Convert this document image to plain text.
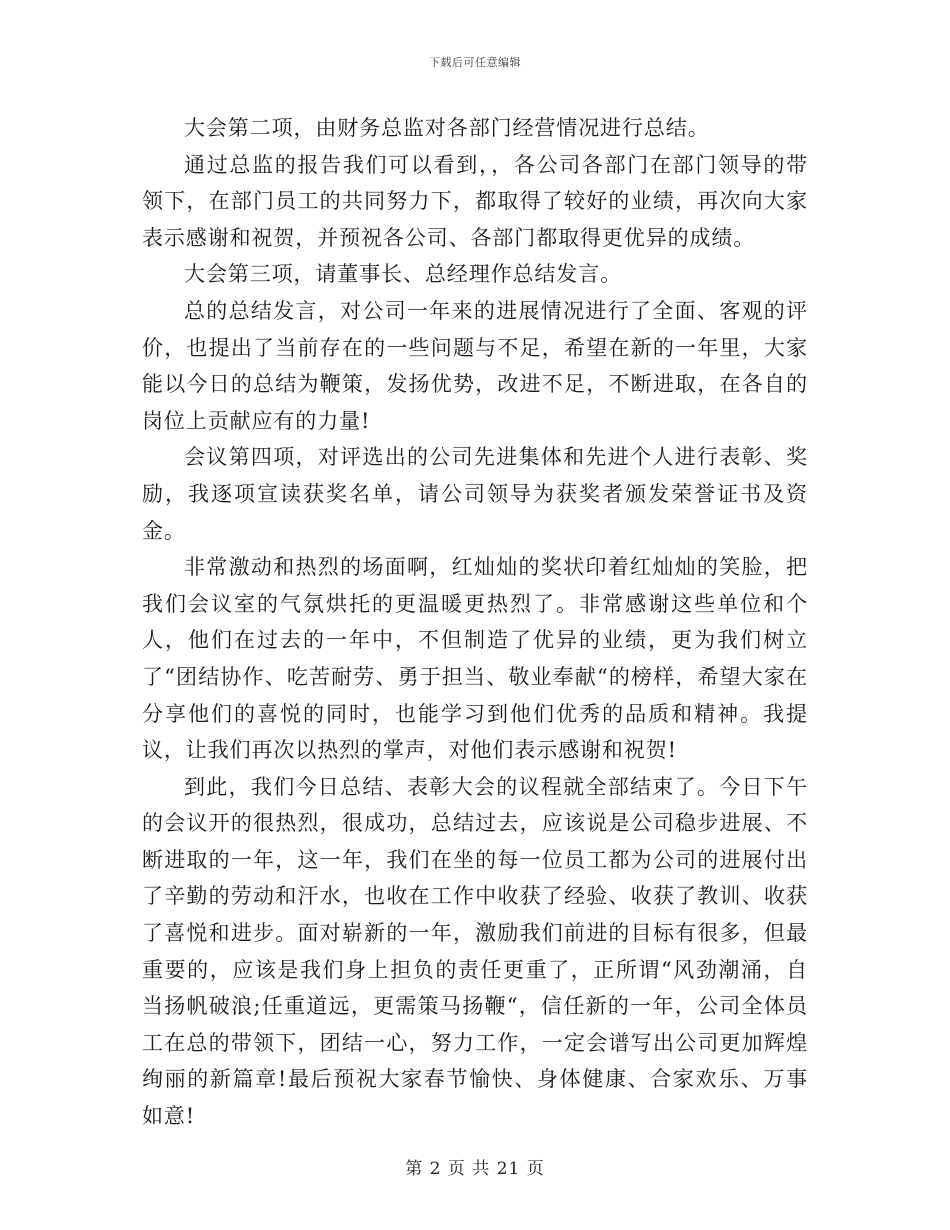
下载后可任意编辑

大会第二项，由财务总监对各部门经营情况进行总结。

通过总监的报告我们可以看到，，各公司各部门在部门领导的带领下，在部门员工的共同努力下，都取得了较好的业绩，再次向大家表示感谢和祝贺，并预祝各公司、各部门都取得更优异的成绩。

大会第三项，请董事长、总经理作总结发言。

总的总结发言，对公司一年来的进展情况进行了全面、客观的评价，也提出了当前存在的一些问题与不足，希望在新的一年里，大家能以今日的总结为鞭策，发扬优势，改进不足，不断进取，在各自的岗位上贡献应有的力量!

会议第四项，对评选出的公司先进集体和先进个人进行表彰、奖励，我逐项宣读获奖名单，请公司领导为获奖者颁发荣誉证书及资金。

非常激动和热烈的场面啊，红灿灿的奖状印着红灿灿的笑脸，把我们会议室的气氛烘托的更温暖更热烈了。非常感谢这些单位和个人，他们在过去的一年中，不但制造了优异的业绩，更为我们树立了“团结协作、吃苦耐劳、勇于担当、敬业奉献“的榜样，希望大家在分享他们的喜悦的同时，也能学习到他们优秀的品质和精神。我提议，让我们再次以热烈的掌声，对他们表示感谢和祝贺!

到此，我们今日总结、表彰大会的议程就全部结束了。今日下午的会议开的很热烈，很成功，总结过去，应该说是公司稳步进展、不断进取的一年，这一年，我们在坐的每一位员工都为公司的进展付出了辛勤的劳动和汗水，也收在工作中收获了经验、收获了教训、收获了喜悦和进步。面对崭新的一年，激励我们前进的目标有很多，但最重要的，应该是我们身上担负的责任更重了，正所谓“风劲潮涌，自当扬帆破浪;任重道远，更需策马扬鞭“，信任新的一年，公司全体员工在总的带领下，团结一心，努力工作，一定会谱写出公司更加辉煌绚丽的新篇章!最后预祝大家春节愉快、身体健康、合家欢乐、万事如意!

第 2 页 共 21 页
